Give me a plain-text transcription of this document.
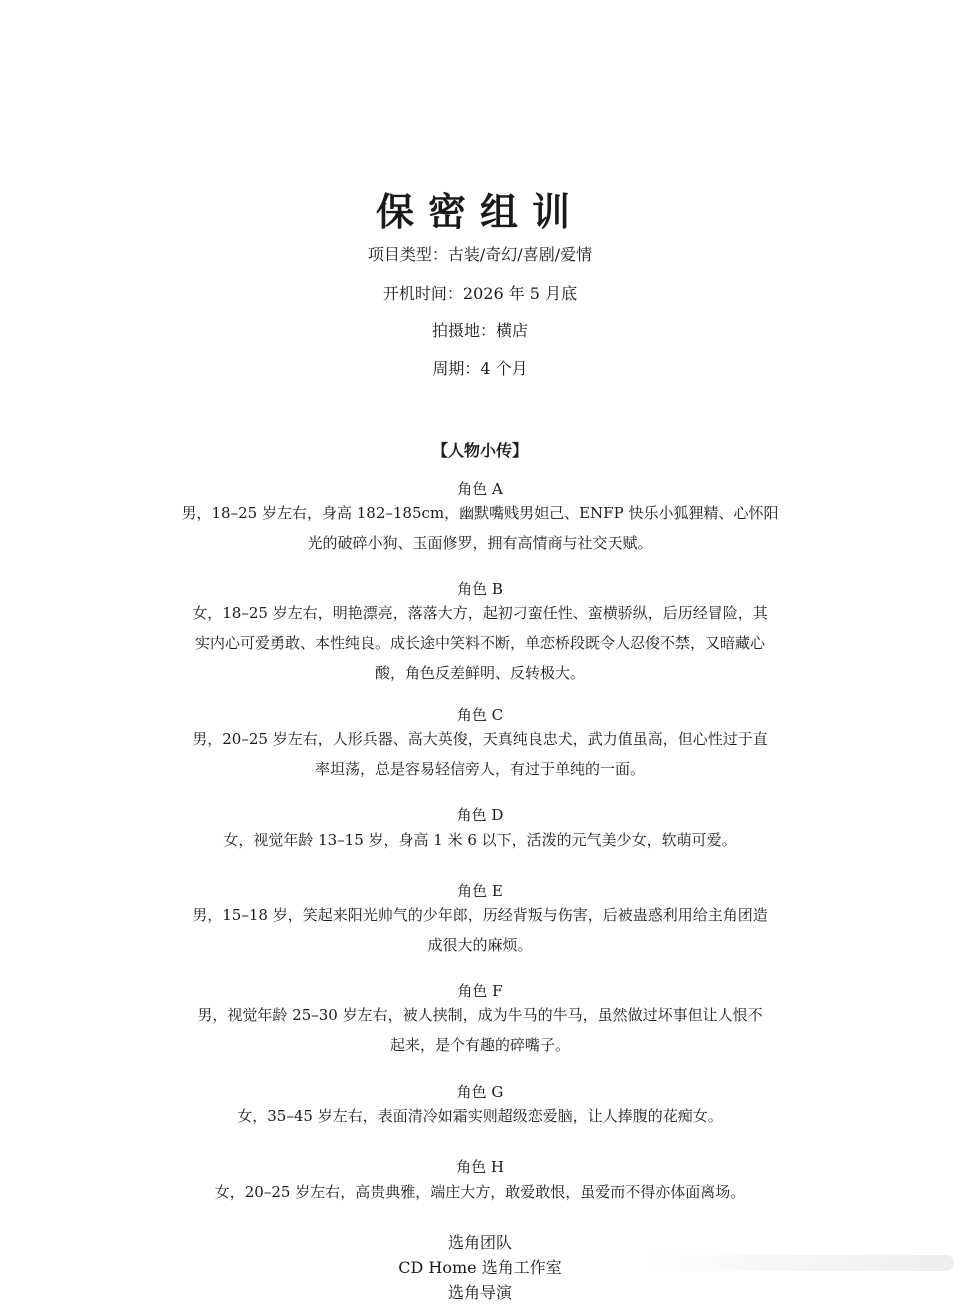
保密组训
项目类型：古装/奇幻/喜剧/爱情
开机时间：2026 年 5 月底
拍摄地：横店
周期：4 个月
【人物小传】
角色 A
男，18–25 岁左右，身高 182–185cm，幽默嘴贱男妲己、ENFP 快乐小狐狸精、心怀阳
光的破碎小狗、玉面修罗，拥有高情商与社交天赋。
角色 B
女，18–25 岁左右，明艳漂亮，落落大方，起初刁蛮任性、蛮横骄纵，后历经冒险，其
实内心可爱勇敢、本性纯良。成长途中笑料不断，单恋桥段既令人忍俊不禁，又暗藏心
酸，角色反差鲜明、反转极大。
角色 C
男，20–25 岁左右，人形兵器、高大英俊，天真纯良忠犬，武力值虽高，但心性过于直
率坦荡，总是容易轻信旁人，有过于单纯的一面。
角色 D
女，视觉年龄 13–15 岁，身高 1 米 6 以下，活泼的元气美少女，软萌可爱。
角色 E
男，15–18 岁，笑起来阳光帅气的少年郎，历经背叛与伤害，后被蛊惑利用给主角团造
成很大的麻烦。
角色 F
男，视觉年龄 25–30 岁左右，被人挟制，成为牛马的牛马，虽然做过坏事但让人恨不
起来，是个有趣的碎嘴子。
角色 G
女，35–45 岁左右，表面清冷如霜实则超级恋爱脑，让人捧腹的花痴女。
角色 H
女，20–25 岁左右，高贵典雅，端庄大方，敢爱敢恨，虽爱而不得亦体面离场。
选角团队
CD Home 选角工作室
选角导演
